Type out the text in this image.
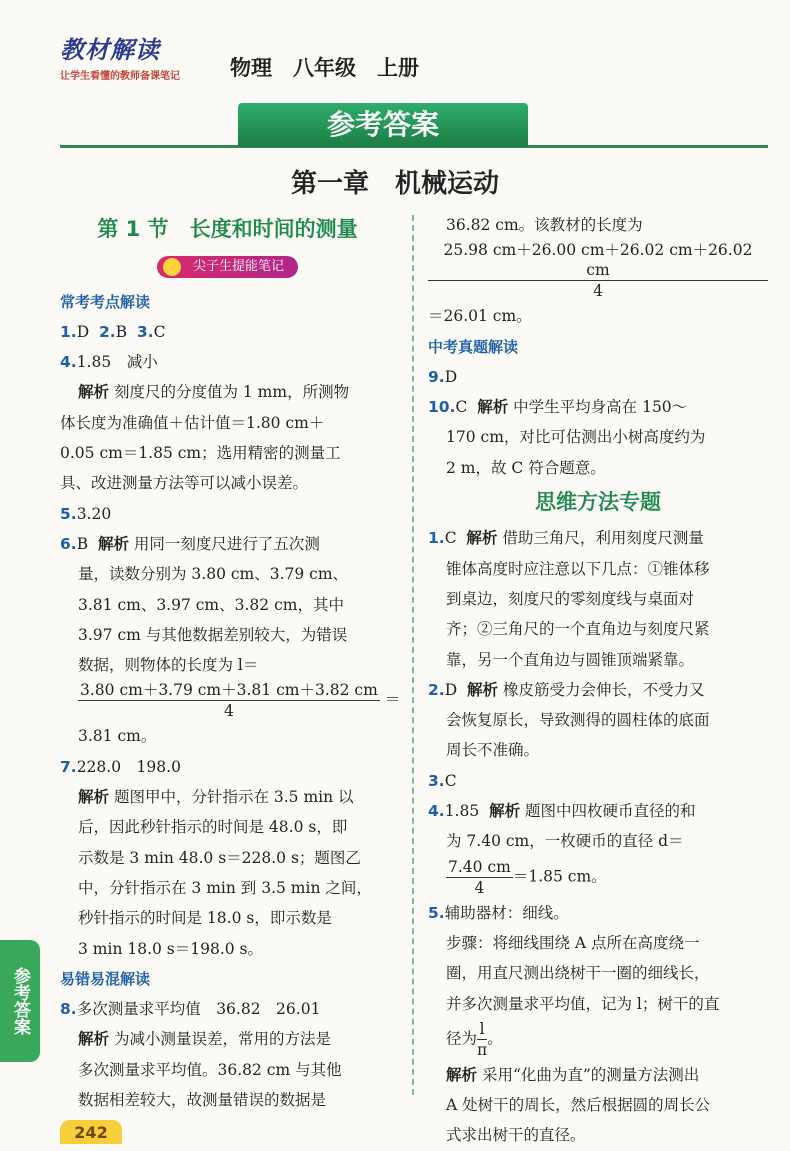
教材解读
让学生看懂的教师备课笔记 物理　八年级　上册
参考答案
第一章　机械运动
第 1 节　长度和时间的测量
尖子生提能笔记

常考考点解读

1.D 2.B 3.C

4.1.85　减小

解析 刻度尺的分度值为 1 mm，所测物

体长度为准确值＋估计值＝1.80 cm＋

0.05 cm＝1.85 cm；选用精密的测量工

具、改进测量方法等可以减小误差。

5.3.20

6.B 解析 用同一刻度尺进行了五次测

量，读数分别为 3.80 cm、3.79 cm、

3.81 cm、3.97 cm、3.82 cm，其中

3.97 cm 与其他数据差别较大，为错误

数据，则物体的长度为 l＝

$\frac{3.80 cm+3.79 cm+3.81 cm+3.82 cm}{4}$ ＝

3.81 cm。

7.228.0　198.0

解析 题图甲中，分针指示在 3.5 min 以

后，因此秒针指示的时间是 48.0 s，即

示数是 3 min 48.0 s＝228.0 s；题图乙

中，分针指示在 3 min 到 3.5 min 之间，

秒针指示的时间是 18.0 s，即示数是

3 min 18.0 s＝198.0 s。

易错易混解读

8.多次测量求平均值　36.82　26.01

解析 为减小测量误差，常用的方法是

多次测量求平均值。36.82 cm 与其他

数据相差较大，故测量错误的数据是

36.82 cm。该教材的长度为

$\frac{25.98 cm+26.00 cm+26.02 cm+26.02 cm}{4}$

＝26.01 cm。

中考真题解读

9.D

10.C 解析 中学生平均身高在 150～

170 cm，对比可估测出小树高度约为

2 m，故 C 符合题意。

思维方法专题

1.C 解析 借助三角尺，利用刻度尺测量

锥体高度时应注意以下几点：①锥体移

到桌边，刻度尺的零刻度线与桌面对

齐；②三角尺的一个直角边与刻度尺紧

靠，另一个直角边与圆锥顶端紧靠。

2.D 解析 橡皮筋受力会伸长，不受力又

会恢复原长，导致测得的圆柱体的底面

周长不准确。

3.C

4.1.85 解析 题图中四枚硬币直径的和

为 7.40 cm，一枚硬币的直径 d＝

$\frac{7.40 cm}{4} =1.85$ cm。

5.辅助器材：细线。

步骤：将细线围绕 A 点所在高度绕一

圈，用直尺测出绕树干一圈的细线长，

并多次测量求平均值，记为 l；树干的直

径为 $\frac{l}{\pi}$ 。

解析 采用“化曲为直”的测量方法测出

A 处树干的周长，然后根据圆的周长公

式求出树干的直径。

参考答案
242
